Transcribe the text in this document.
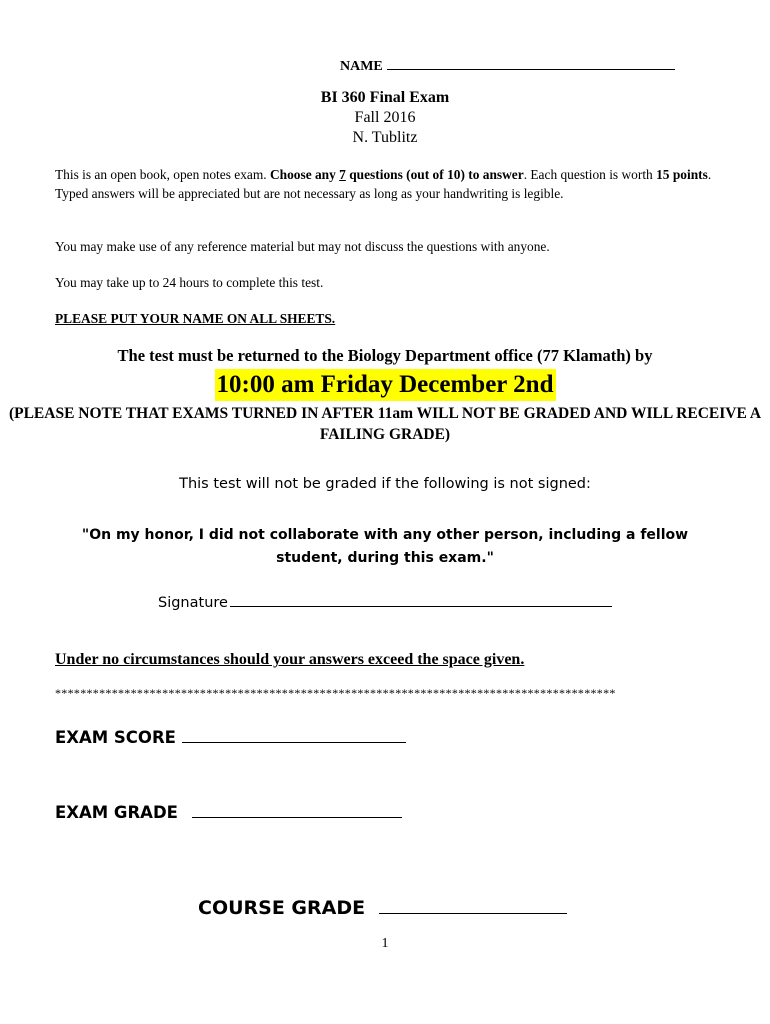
NAME
BI 360 Final Exam
Fall 2016
N. Tublitz
This is an open book, open notes exam. Choose any 7 questions (out of 10) to answer. Each question is worth 15 points. Typed answers will be appreciated but are not necessary as long as your handwriting is legible.
You may make use of any reference material but may not discuss the questions with anyone.
You may take up to 24 hours to complete this test.
PLEASE PUT YOUR NAME ON ALL SHEETS.
The test must be returned to the Biology Department office (77 Klamath) by
10:00 am Friday December 2nd
(PLEASE NOTE THAT EXAMS TURNED IN AFTER 11am WILL NOT BE GRADED AND WILL RECEIVE A FAILING GRADE)
This test will not be graded if the following is not signed:
"On my honor, I did not collaborate with any other person, including a fellow student, during this exam."
Signature
Under no circumstances should your answers exceed the space given.
*****************************************************************************************
EXAM SCORE
EXAM GRADE
COURSE GRADE
1
